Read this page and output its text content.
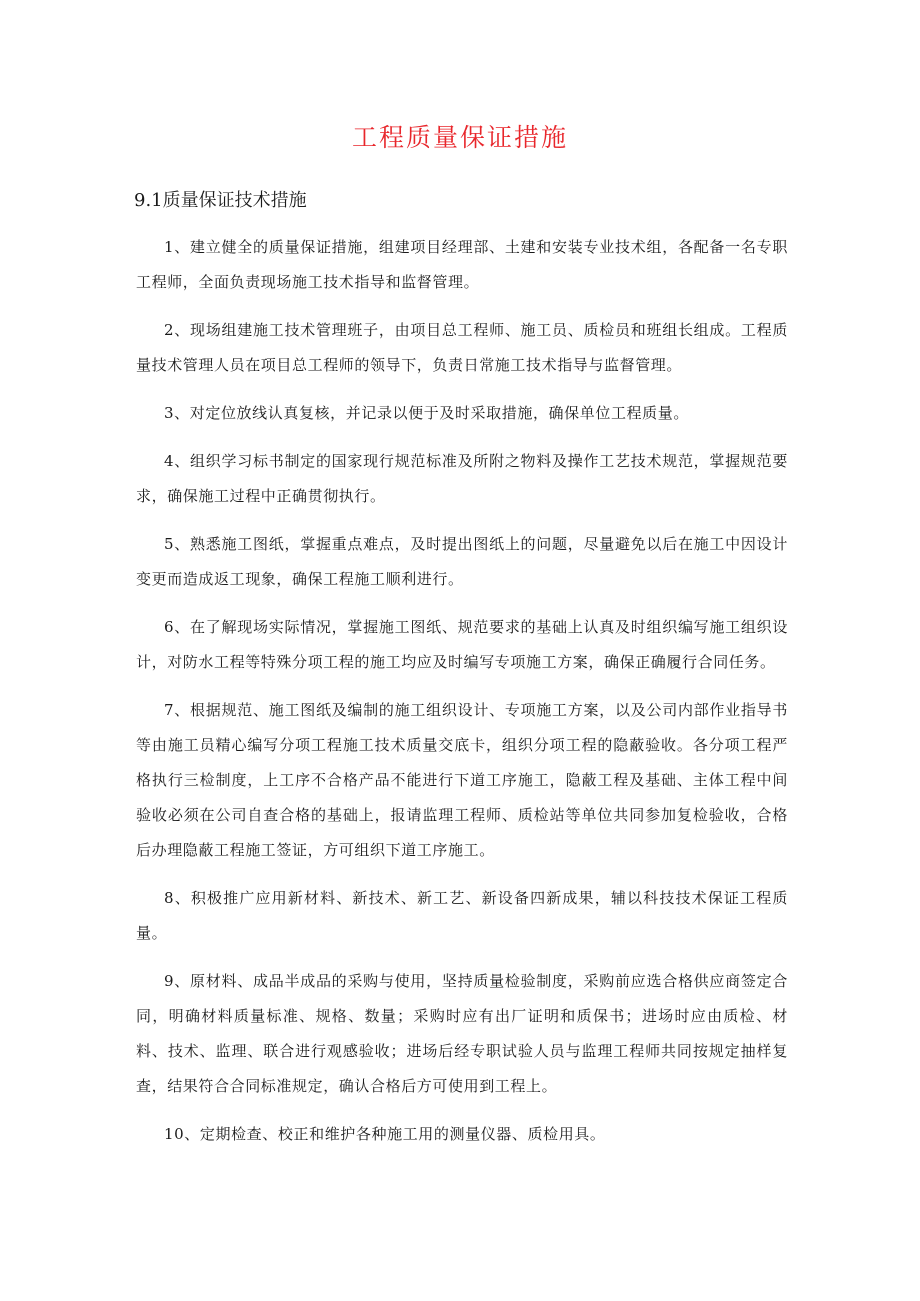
工程质量保证措施
9.1质量保证技术措施

1、建立健全的质量保证措施，组建项目经理部、土建和安装专业技术组，各配备一名专职工程师，全面负责现场施工技术指导和监督管理。

2、现场组建施工技术管理班子，由项目总工程师、施工员、质检员和班组长组成。工程质量技术管理人员在项目总工程师的领导下，负责日常施工技术指导与监督管理。

3、对定位放线认真复核，并记录以便于及时采取措施，确保单位工程质量。

4、组织学习标书制定的国家现行规范标准及所附之物料及操作工艺技术规范，掌握规范要求，确保施工过程中正确贯彻执行。

5、熟悉施工图纸，掌握重点难点，及时提出图纸上的问题，尽量避免以后在施工中因设计变更而造成返工现象，确保工程施工顺利进行。

6、在了解现场实际情况，掌握施工图纸、规范要求的基础上认真及时组织编写施工组织设计，对防水工程等特殊分项工程的施工均应及时编写专项施工方案，确保正确履行合同任务。

7、根据规范、施工图纸及编制的施工组织设计、专项施工方案，以及公司内部作业指导书等由施工员精心编写分项工程施工技术质量交底卡，组织分项工程的隐蔽验收。各分项工程严格执行三检制度，上工序不合格产品不能进行下道工序施工，隐蔽工程及基础、主体工程中间验收必须在公司自查合格的基础上，报请监理工程师、质检站等单位共同参加复检验收，合格后办理隐蔽工程施工签证，方可组织下道工序施工。

8、积极推广应用新材料、新技术、新工艺、新设备四新成果，辅以科技技术保证工程质量。

9、原材料、成品半成品的采购与使用，坚持质量检验制度，采购前应选合格供应商签定合同，明确材料质量标准、规格、数量；采购时应有出厂证明和质保书；进场时应由质检、材料、技术、监理、联合进行观感验收；进场后经专职试验人员与监理工程师共同按规定抽样复查，结果符合合同标准规定，确认合格后方可使用到工程上。

10、定期检查、校正和维护各种施工用的测量仪器、质检用具。
